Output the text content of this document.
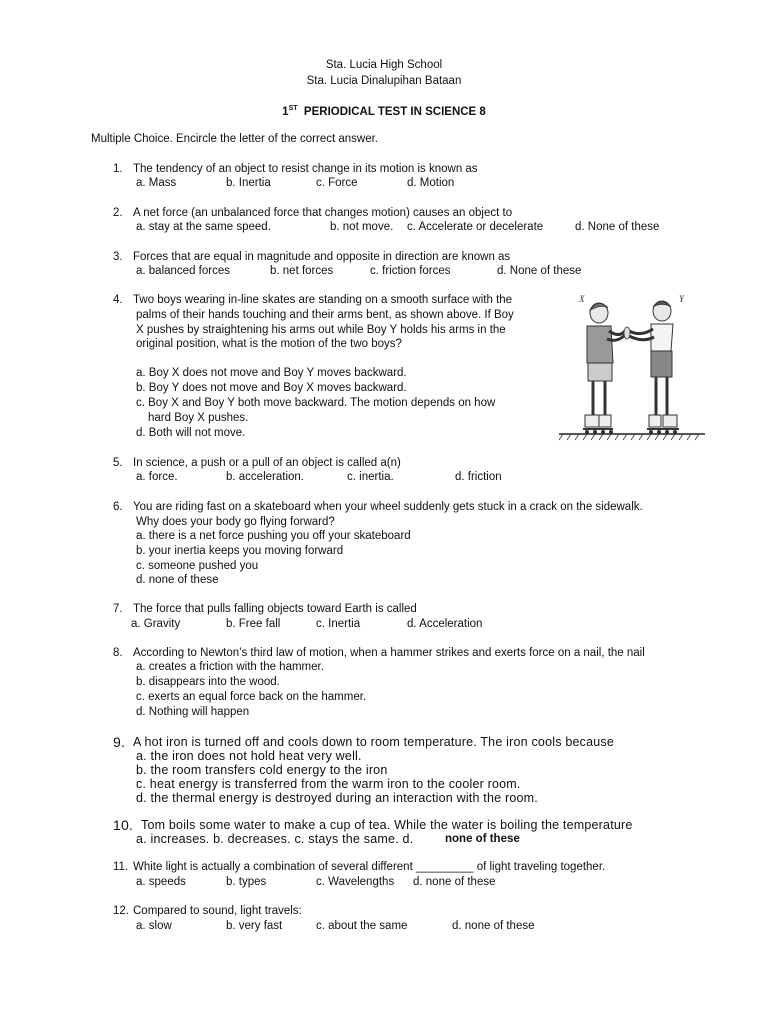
Sta. Lucia High School
Sta. Lucia Dinalupihan Bataan
1ST PERIODICAL TEST IN SCIENCE 8
Multiple Choice. Encircle the letter of the correct answer.
1. The tendency of an object to resist change in its motion is known as
a. Mass	b. Inertia	c. Force	d. Motion
2. A net force (an unbalanced force that changes motion) causes an object to
a. stay at the same speed.	b. not move. c. Accelerate or decelerate	d. None of these
3. Forces that are equal in magnitude and opposite in direction are known as
a. balanced forces	b. net forces	c. friction forces	d. None of these
4. Two boys wearing in-line skates are standing on a smooth surface with the
palms of their hands touching and their arms bent, as shown above. If Boy
X pushes by straightening his arms out while Boy Y holds his arms in the
original position, what is the motion of the two boys?
a. Boy X does not move and Boy Y moves backward.
b. Boy Y does not move and Boy X moves backward.
c. Boy X and Boy Y both move backward. The motion depends on how
hard Boy X pushes.
d. Both will not move.
X	Y
5. In science, a push or a pull of an object is called a(n)
a. force.	b. acceleration.	c. inertia.	d. friction
6. You are riding fast on a skateboard when your wheel suddenly gets stuck in a crack on the sidewalk.
Why does your body go flying forward?
a. there is a net force pushing you off your skateboard
b. your inertia keeps you moving forward
c. someone pushed you
d. none of these
7. The force that pulls falling objects toward Earth is called
a. Gravity	b. Free fall	c. Inertia	d. Acceleration
8. According to Newton’s third law of motion, when a hammer strikes and exerts force on a nail, the nail
a. creates a friction with the hammer.
b. disappears into the wood.
c. exerts an equal force back on the hammer.
d. Nothing will happen
9. A hot iron is turned off and cools down to room temperature. The iron cools because
a. the iron does not hold heat very well.
b. the room transfers cold energy to the iron
c. heat energy is transferred from the warm iron to the cooler room.
d. the thermal energy is destroyed during an interaction with the room.
10. Tom boils some water to make a cup of tea. While the water is boiling the temperature
a. increases. b. decreases. c. stays the same. d.	none of these
11. White light is actually a combination of several different _________ of light traveling together.
a. speeds	b. types	c. Wavelengths d. none of these
12. Compared to sound, light travels:
a. slow	b. very fast	c. about the same	d. none of these
